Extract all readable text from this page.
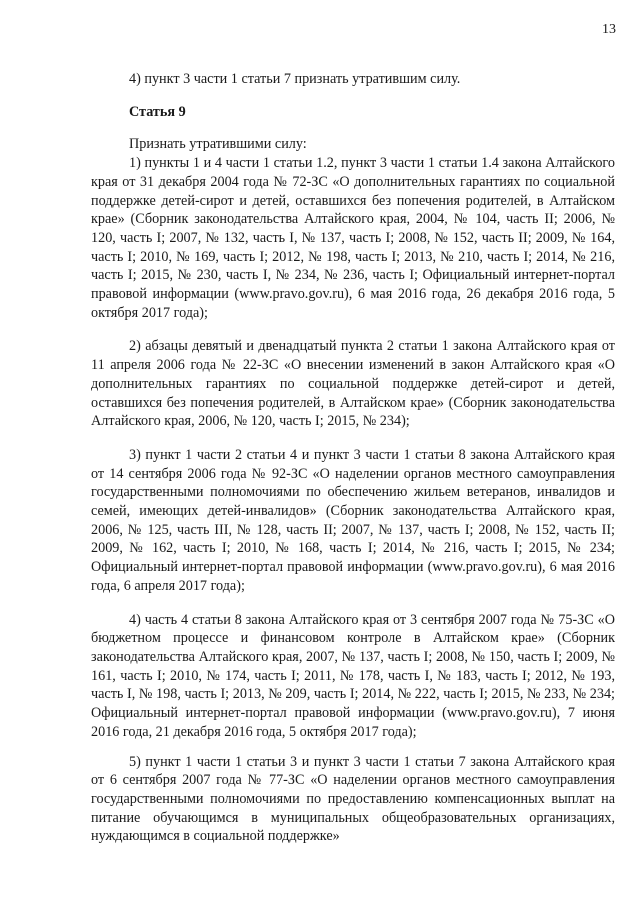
13

4) пункт 3 части 1 статьи 7 признать утратившим силу.

Статья 9

Признать утратившими силу:

1) пункты 1 и 4 части 1 статьи 1.2, пункт 3 части 1 статьи 1.4 закона Алтайского края от 31 декабря 2004 года № 72-ЗС «О дополнительных гарантиях по социальной поддержке детей-сирот и детей, оставшихся без попечения родителей, в Алтайском крае» (Сборник законодательства Алтайского края, 2004, № 104, часть II; 2006, № 120, часть I; 2007, № 132, часть I, № 137, часть I; 2008, № 152, часть II; 2009, № 164, часть I; 2010, № 169, часть I; 2012, № 198, часть I; 2013, № 210, часть I; 2014, № 216, часть I; 2015, № 230, часть I, № 234, № 236, часть I; Официальный интернет-портал правовой информации (www.pravo.gov.ru), 6 мая 2016 года, 26 декабря 2016 года, 5 октября 2017 года);

2) абзацы девятый и двенадцатый пункта 2 статьи 1 закона Алтайского края от 11 апреля 2006 года № 22-ЗС «О внесении изменений в закон Алтайского края «О дополнительных гарантиях по социальной поддержке детей-сирот и детей, оставшихся без попечения родителей, в Алтайском крае» (Сборник законодательства Алтайского края, 2006, № 120, часть I; 2015, № 234);

3) пункт 1 части 2 статьи 4 и пункт 3 части 1 статьи 8 закона Алтайского края от 14 сентября 2006 года № 92-ЗС «О наделении органов местного самоуправления государственными полномочиями по обеспечению жильем ветеранов, инвалидов и семей, имеющих детей-инвалидов» (Сборник законодательства Алтайского края, 2006, № 125, часть III, № 128, часть II; 2007, № 137, часть I; 2008, № 152, часть II; 2009, № 162, часть I; 2010, № 168, часть I; 2014, № 216, часть I; 2015, № 234; Официальный интернет-портал правовой информации (www.pravo.gov.ru), 6 мая 2016 года, 6 апреля 2017 года);

4) часть 4 статьи 8 закона Алтайского края от 3 сентября 2007 года № 75-ЗС «О бюджетном процессе и финансовом контроле в Алтайском крае» (Сборник законодательства Алтайского края, 2007, № 137, часть I; 2008, № 150, часть I; 2009, № 161, часть I; 2010, № 174, часть I; 2011, № 178, часть I, № 183, часть I; 2012, № 193, часть I, № 198, часть I; 2013, № 209, часть I; 2014, № 222, часть I; 2015, № 233, № 234; Официальный интернет-портал правовой информации (www.pravo.gov.ru), 7 июня 2016 года, 21 декабря 2016 года, 5 октября 2017 года);

5) пункт 1 части 1 статьи 3 и пункт 3 части 1 статьи 7 закона Алтайского края от 6 сентября 2007 года № 77-ЗС «О наделении органов местного самоуправления государственными полномочиями по предоставлению компенсационных выплат на питание обучающимся в муниципальных общеобразовательных организациях, нуждающимся в социальной поддержке»
